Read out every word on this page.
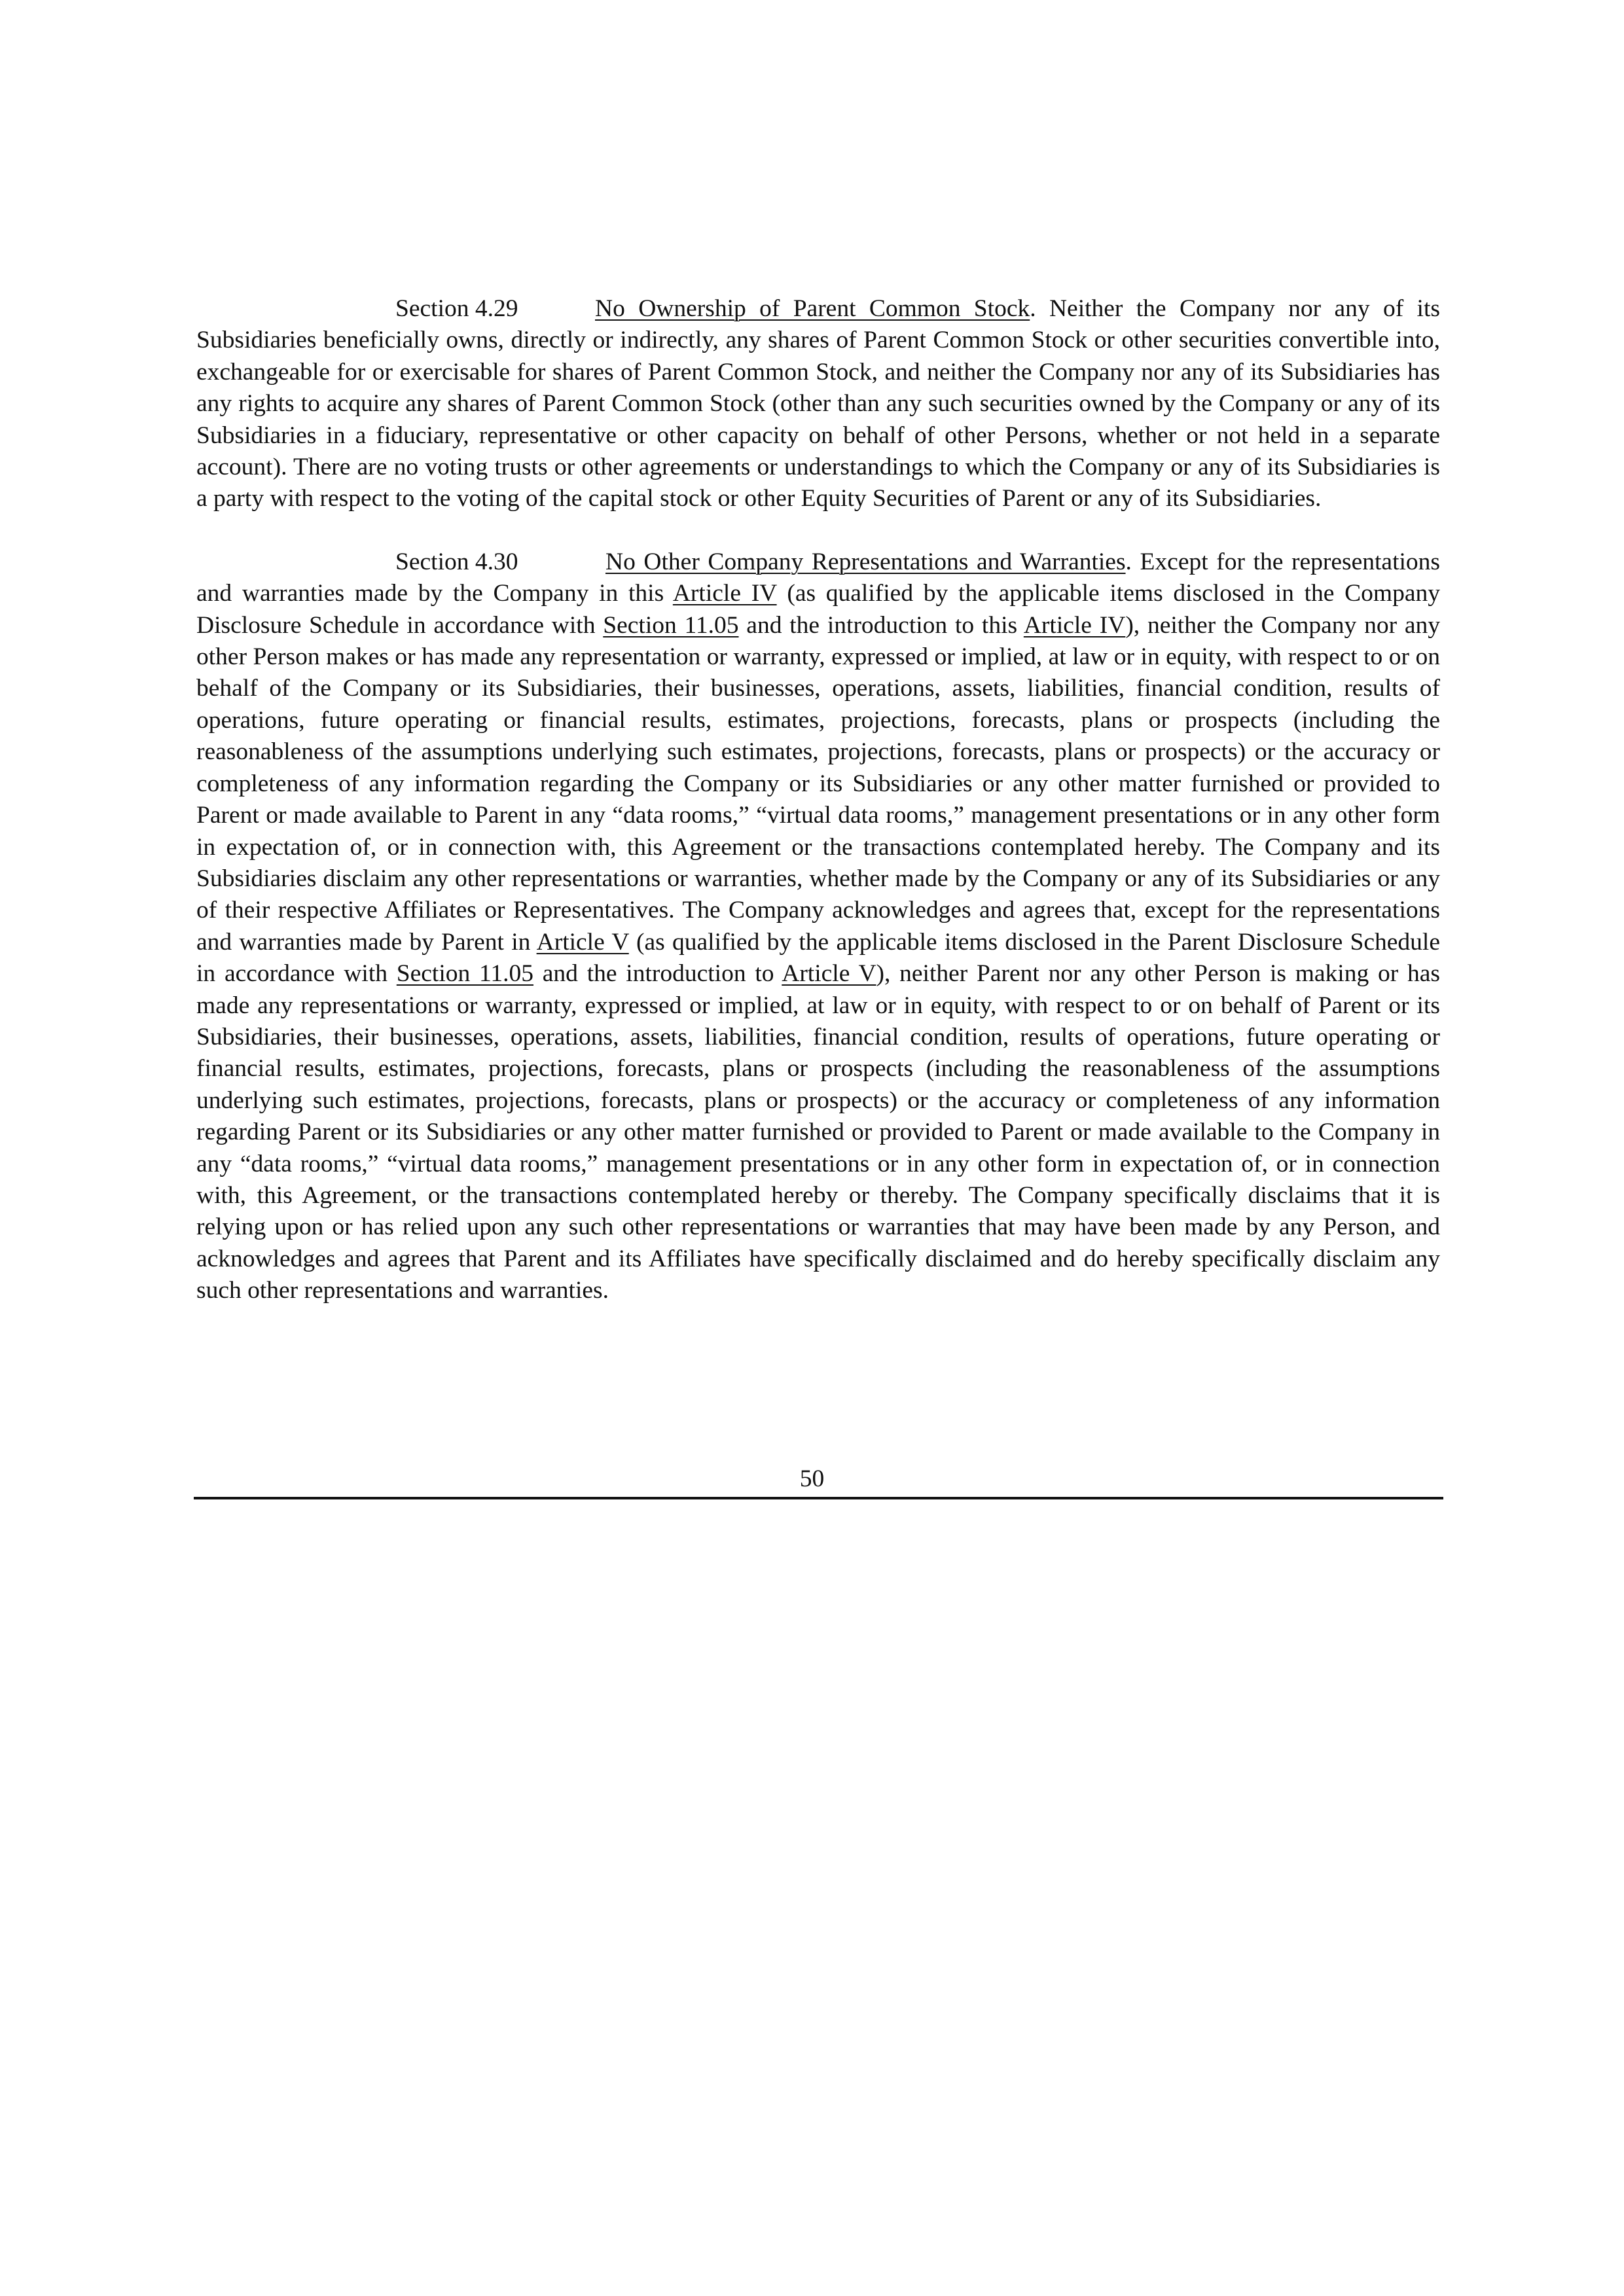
Section 4.29	No Ownership of Parent Common Stock. Neither the Company nor any of its Subsidiaries beneficially owns, directly or indirectly, any shares of Parent Common Stock or other securities convertible into, exchangeable for or exercisable for shares of Parent Common Stock, and neither the Company nor any of its Subsidiaries has any rights to acquire any shares of Parent Common Stock (other than any such securities owned by the Company or any of its Subsidiaries in a fiduciary, representative or other capacity on behalf of other Persons, whether or not held in a separate account). There are no voting trusts or other agreements or understandings to which the Company or any of its Subsidiaries is a party with respect to the voting of the capital stock or other Equity Securities of Parent or any of its Subsidiaries.

Section 4.30	No Other Company Representations and Warranties. Except for the representations and warranties made by the Company in this Article IV (as qualified by the applicable items disclosed in the Company Disclosure Schedule in accordance with Section 11.05 and the introduction to this Article IV), neither the Company nor any other Person makes or has made any representation or warranty, expressed or implied, at law or in equity, with respect to or on behalf of the Company or its Subsidiaries, their businesses, operations, assets, liabilities, financial condition, results of operations, future operating or financial results, estimates, projections, forecasts, plans or prospects (including the reasonableness of the assumptions underlying such estimates, projections, forecasts, plans or prospects) or the accuracy or completeness of any information regarding the Company or its Subsidiaries or any other matter furnished or provided to Parent or made available to Parent in any “data rooms,” “virtual data rooms,” management presentations or in any other form in expectation of, or in connection with, this Agreement or the transactions contemplated hereby. The Company and its Subsidiaries disclaim any other representations or warranties, whether made by the Company or any of its Subsidiaries or any of their respective Affiliates or Representatives. The Company acknowledges and agrees that, except for the representations and warranties made by Parent in Article V (as qualified by the applicable items disclosed in the Parent Disclosure Schedule in accordance with Section 11.05 and the introduction to Article V), neither Parent nor any other Person is making or has made any representations or warranty, expressed or implied, at law or in equity, with respect to or on behalf of Parent or its Subsidiaries, their businesses, operations, assets, liabilities, financial condition, results of operations, future operating or financial results, estimates, projections, forecasts, plans or prospects (including the reasonableness of the assumptions underlying such estimates, projections, forecasts, plans or prospects) or the accuracy or completeness of any information regarding Parent or its Subsidiaries or any other matter furnished or provided to Parent or made available to the Company in any “data rooms,” “virtual data rooms,” management presentations or in any other form in expectation of, or in connection with, this Agreement, or the transactions contemplated hereby or thereby. The Company specifically disclaims that it is relying upon or has relied upon any such other representations or warranties that may have been made by any Person, and acknowledges and agrees that Parent and its Affiliates have specifically disclaimed and do hereby specifically disclaim any such other representations and warranties.

50
